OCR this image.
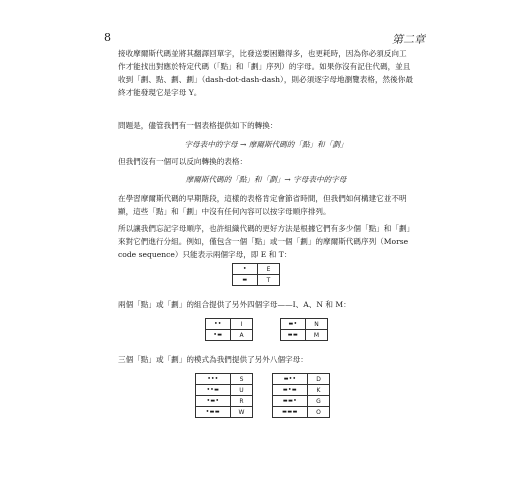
8	第二章

接收摩爾斯代碼並將其翻譯回單字，比發送要困難得多，也更耗時，因為你必須反向工作才能找出對應於特定代碼（「點」和「劃」序列）的字母。如果你沒有記住代碼，並且收到「劃、點、劃、劃」（dash-dot-dash-dash），則必須逐字母地瀏覽表格，然後你最終才能發現它是字母 Y。

問題是，儘管我們有一個表格提供如下的轉換：

字母表中的字母 → 摩爾斯代碼的「點」和「劃」

但我們沒有一個可以反向轉換的表格：

摩爾斯代碼的「點」和「劃」→ 字母表中的字母

在學習摩爾斯代碼的早期階段，這樣的表格肯定會節省時間，但我們如何構建它並不明顯，這些「點」和「劃」中沒有任何內容可以按字母順序排列。

所以讓我們忘記字母順序，也許組織代碼的更好方法是根據它們有多少個「點」和「劃」來對它們進行分組。例如，僅包含一個「點」或一個「劃」的摩爾斯代碼序列（Morse code sequence）只能表示兩個字母，即 E 和 T：

•	E
▬	T

兩個「點」或「劃」的組合提供了另外四個字母——I、A、N 和 M：

••	I
•▬	A
▬•	N
▬▬	M

三個「點」或「劃」的模式為我們提供了另外八個字母：

•••	S
••▬	U
•▬•	R
•▬▬	W
▬••	D
▬•▬	K
▬▬•	G
▬▬▬	O
